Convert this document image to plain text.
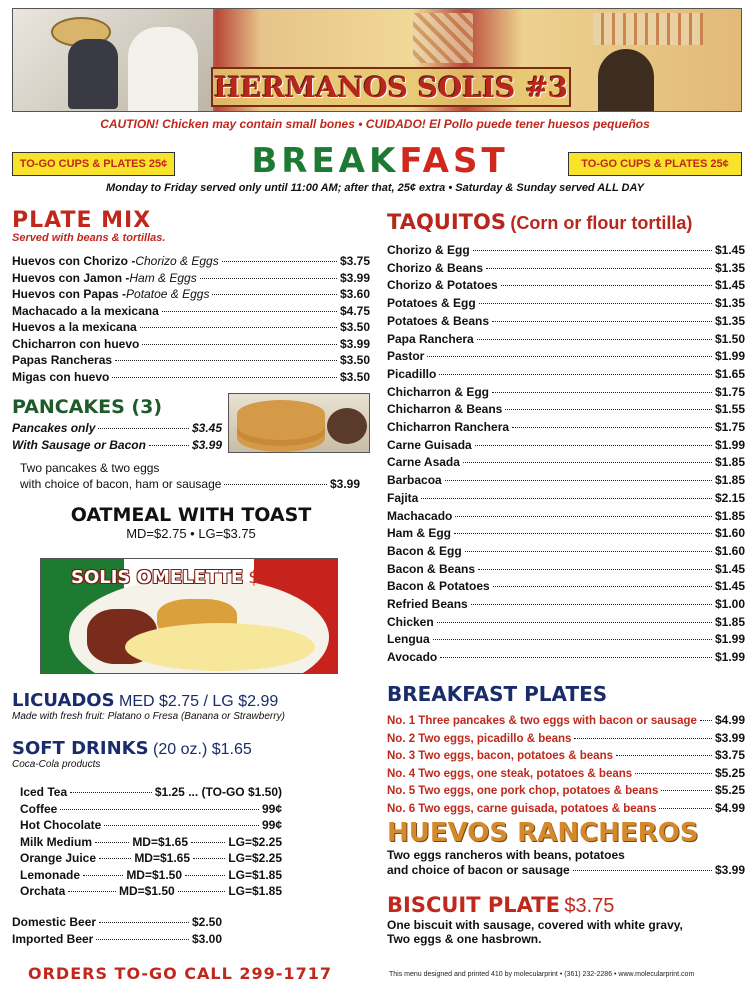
HERMANOS SOLIS #3
CAUTION! Chicken may contain small bones • CUIDADO! El Pollo puede tener huesos pequeños
TO-GO CUPS & PLATES 25¢	TO-GO CUPS & PLATES 25¢
BREAKFAST
Monday to Friday served only until 11:00 AM; after that, 25¢ extra • Saturday & Sunday served ALL DAY
PLATE MIX
Served with beans & tortillas.
Huevos con Chorizo - Chorizo & Eggs	$3.75
Huevos con Jamon - Ham & Eggs	$3.99
Huevos con Papas - Potatoe & Eggs	$3.60
Machacado a la mexicana	$4.75
Huevos a la mexicana	$3.50
Chicharron con huevo	$3.99
Papas Rancheras	$3.50
Migas con huevo	$3.50
PANCAKES (3)
Pancakes only	$3.45
With Sausage or Bacon	$3.99
Two pancakes & two eggs
with choice of bacon, ham or sausage	$3.99
OATMEAL WITH TOAST
MD=$2.75 • LG=$3.75
SOLIS OMELETTE $4.50
LICUADOS MED $2.75 / LG $2.99
Made with fresh fruit: Platano o Fresa (Banana or Strawberry)
SOFT DRINKS (20 oz.) $1.65
Coca-Cola products
Iced Tea	$1.25 ... (TO-GO $1.50)
Coffee	99¢
Hot Chocolate	99¢
Milk Medium	MD=$1.65	LG=$2.25
Orange Juice	MD=$1.65	LG=$2.25
Lemonade	MD=$1.50	LG=$1.85
Orchata	MD=$1.50	LG=$1.85
Domestic Beer	$2.50
Imported Beer	$3.00
ORDERS TO-GO CALL 299-1717	This menu designed and printed 410 by molecularprint • (361) 232-2286 • www.molecularprint.com
TAQUITOS (Corn or flour tortilla)
Chorizo & Egg	$1.45
Chorizo & Beans	$1.35
Chorizo & Potatoes	$1.45
Potatoes & Egg	$1.35
Potatoes & Beans	$1.35
Papa Ranchera	$1.50
Pastor	$1.99
Picadillo	$1.65
Chicharron & Egg	$1.75
Chicharron & Beans	$1.55
Chicharron Ranchera	$1.75
Carne Guisada	$1.99
Carne Asada	$1.85
Barbacoa	$1.85
Fajita	$2.15
Machacado	$1.85
Ham & Egg	$1.60
Bacon & Egg	$1.60
Bacon & Beans	$1.45
Bacon & Potatoes	$1.45
Refried Beans	$1.00
Chicken	$1.85
Lengua	$1.99
Avocado	$1.99
BREAKFAST PLATES
No. 1 Three pancakes & two eggs with bacon or sausage $4.99
No. 2 Two eggs, picadillo & beans	$3.99
No. 3 Two eggs, bacon, potatoes & beans	$3.75
No. 4 Two eggs, one steak, potatoes & beans	$5.25
No. 5 Two eggs, one pork chop, potatoes & beans	$5.25
No. 6 Two eggs, carne guisada, potatoes & beans	$4.99
HUEVOS RANCHEROS
Two eggs rancheros with beans, potatoes
and choice of bacon or sausage	$3.99
BISCUIT PLATE $3.75
One biscuit with sausage, covered with white gravy,
Two eggs & one hasbrown.
